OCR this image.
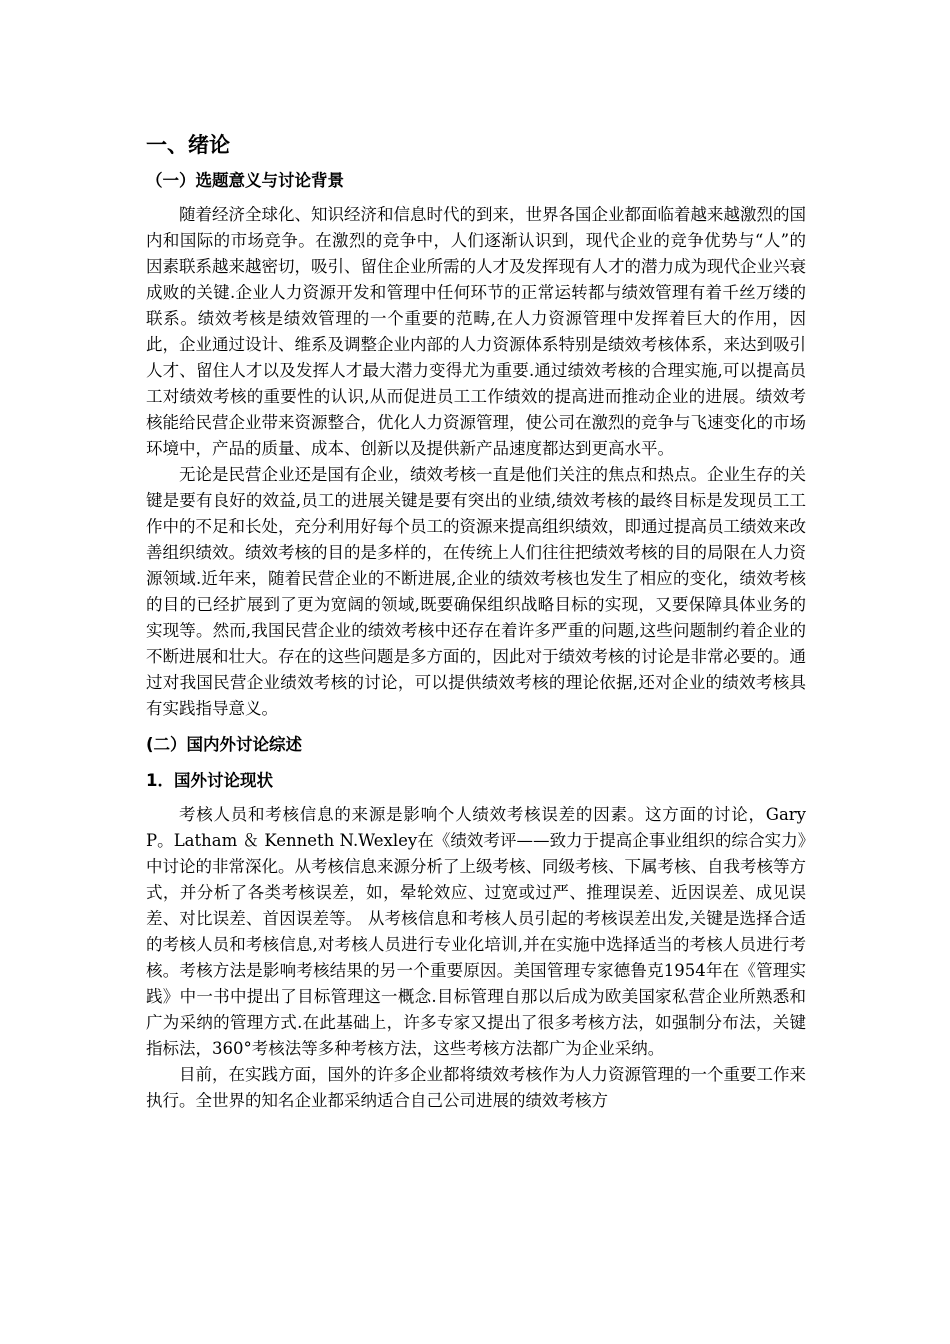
一、绪论
（一）选题意义与讨论背景

随着经济全球化、知识经济和信息时代的到来，世界各国企业都面临着越来越激烈的国内和国际的市场竞争。在激烈的竞争中，人们逐渐认识到，现代企业的竞争优势与“人”的因素联系越来越密切，吸引、留住企业所需的人才及发挥现有人才的潜力成为现代企业兴衰成败的关键.企业人力资源开发和管理中任何环节的正常运转都与绩效管理有着千丝万缕的联系。绩效考核是绩效管理的一个重要的范畴,在人力资源管理中发挥着巨大的作用，因此，企业通过设计、维系及调整企业内部的人力资源体系特别是绩效考核体系，来达到吸引人才、留住人才以及发挥人才最大潜力变得尤为重要.通过绩效考核的合理实施,可以提高员工对绩效考核的重要性的认识,从而促进员工工作绩效的提高进而推动企业的进展。绩效考核能给民营企业带来资源整合，优化人力资源管理，使公司在激烈的竞争与飞速变化的市场环境中，产品的质量、成本、创新以及提供新产品速度都达到更高水平。

无论是民营企业还是国有企业，绩效考核一直是他们关注的焦点和热点。企业生存的关键是要有良好的效益,员工的进展关键是要有突出的业绩,绩效考核的最终目标是发现员工工作中的不足和长处，充分利用好每个员工的资源来提高组织绩效，即通过提高员工绩效来改善组织绩效。绩效考核的目的是多样的，在传统上人们往往把绩效考核的目的局限在人力资源领域.近年来，随着民营企业的不断进展,企业的绩效考核也发生了相应的变化，绩效考核的目的已经扩展到了更为宽阔的领域,既要确保组织战略目标的实现，又要保障具体业务的实现等。然而,我国民营企业的绩效考核中还存在着许多严重的问题,这些问题制约着企业的不断进展和壮大。存在的这些问题是多方面的，因此对于绩效考核的讨论是非常必要的。通过对我国民营企业绩效考核的讨论，可以提供绩效考核的理论依据,还对企业的绩效考核具有实践指导意义。

(二）国内外讨论综述
1．国外讨论现状

考核人员和考核信息的来源是影响个人绩效考核误差的因素。这方面的讨论，Gary P。Latham ＆ Kenneth N.Wexley在《绩效考评——致力于提高企事业组织的综合实力》中讨论的非常深化。从考核信息来源分析了上级考核、同级考核、下属考核、自我考核等方式，并分析了各类考核误差，如，晕轮效应、过宽或过严、推理误差、近因误差、成见误差、对比误差、首因误差等。 从考核信息和考核人员引起的考核误差出发,关键是选择合适的考核人员和考核信息,对考核人员进行专业化培训,并在实施中选择适当的考核人员进行考核。考核方法是影响考核结果的另一个重要原因。美国管理专家德鲁克1954年在《管理实践》中一书中提出了目标管理这一概念.目标管理自那以后成为欧美国家私营企业所熟悉和广为采纳的管理方式.在此基础上，许多专家又提出了很多考核方法，如强制分布法，关键指标法，360°考核法等多种考核方法，这些考核方法都广为企业采纳。

目前，在实践方面，国外的许多企业都将绩效考核作为人力资源管理的一个重要工作来执行。全世界的知名企业都采纳适合自己公司进展的绩效考核方
